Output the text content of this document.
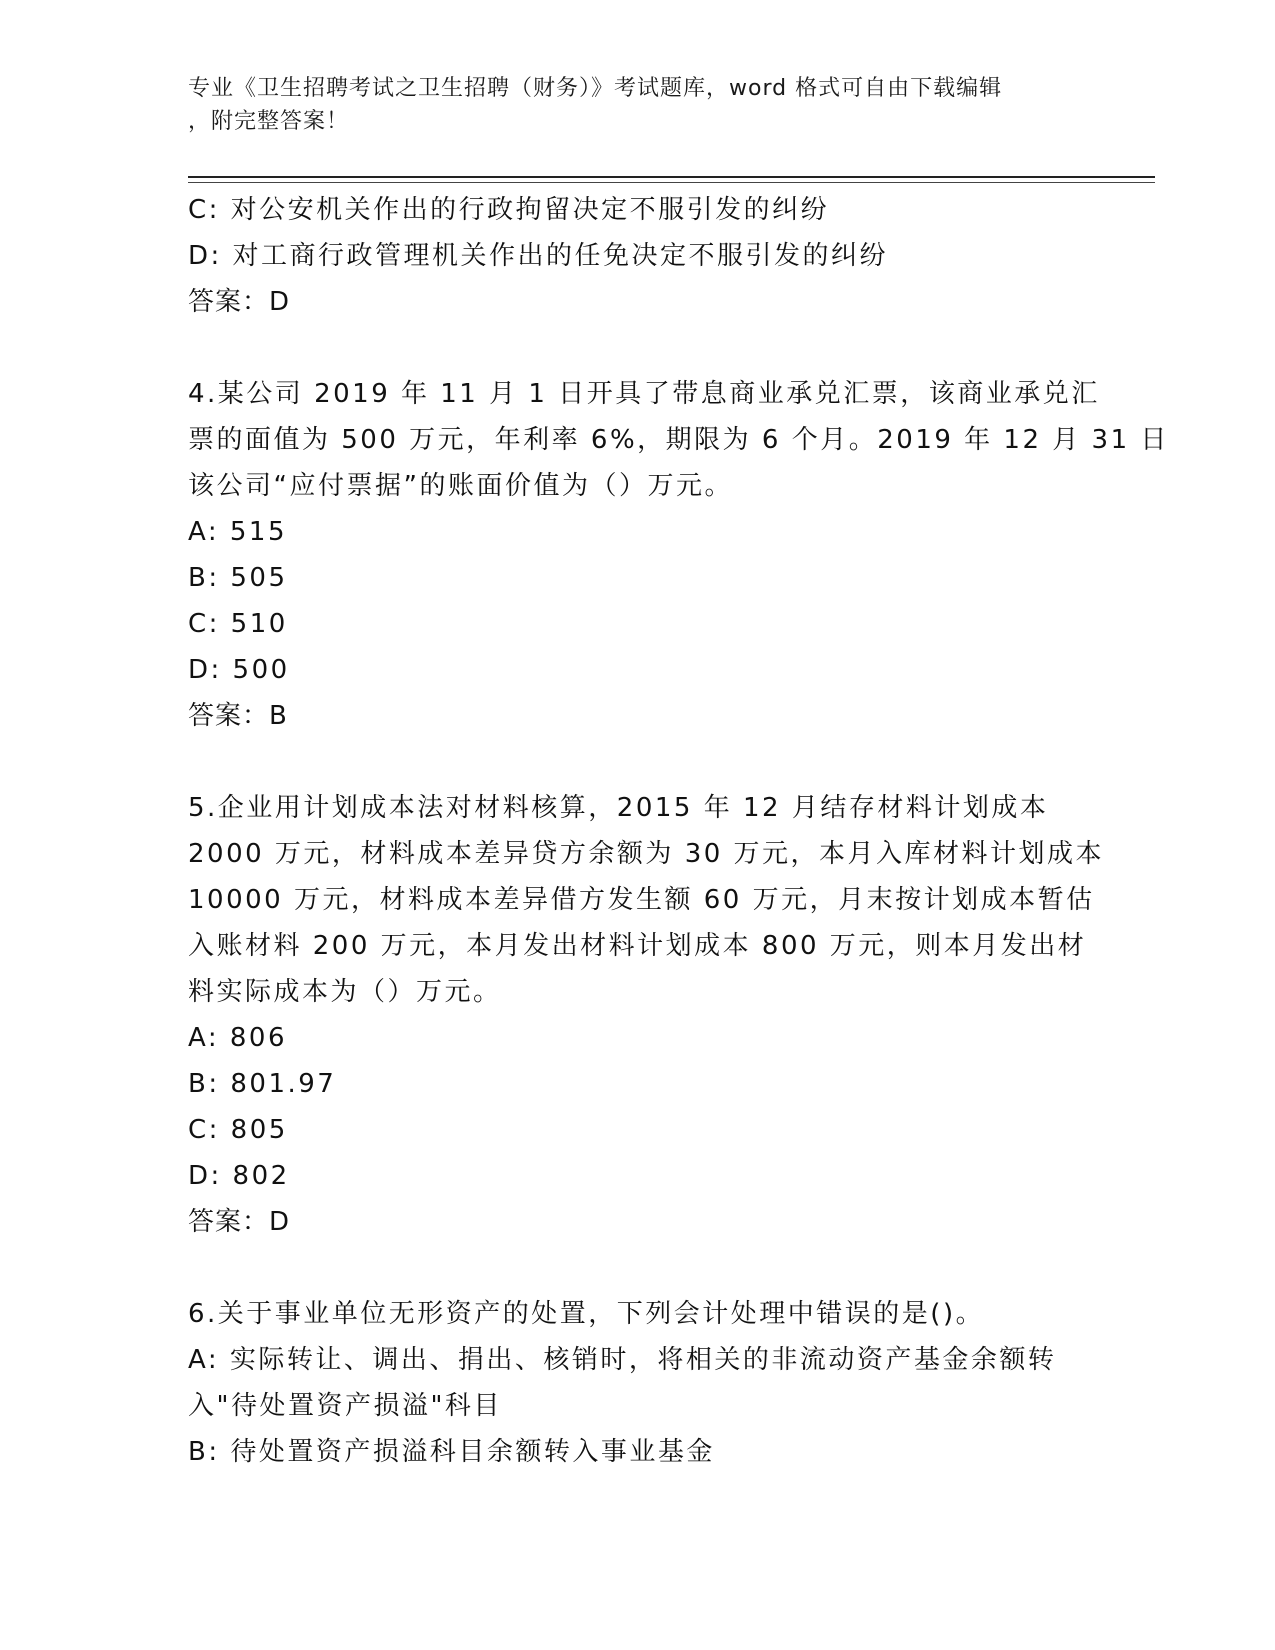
专业《卫生招聘考试之卫生招聘（财务）》考试题库，word 格式可自由下载编辑
，附完整答案！
C: 对公安机关作出的行政拘留决定不服引发的纠纷
D: 对工商行政管理机关作出的任免决定不服引发的纠纷
答案：D
4.某公司 2019 年 11 月 1 日开具了带息商业承兑汇票，该商业承兑汇
票的面值为 500 万元，年利率 6%，期限为 6 个月。2019 年 12 月 31 日
该公司“应付票据”的账面价值为（）万元。
A: 515
B: 505
C: 510
D: 500
答案：B
5.企业用计划成本法对材料核算，2015 年 12 月结存材料计划成本
2000 万元，材料成本差异贷方余额为 30 万元，本月入库材料计划成本
10000 万元，材料成本差异借方发生额 60 万元，月末按计划成本暂估
入账材料 200 万元，本月发出材料计划成本 800 万元，则本月发出材
料实际成本为（）万元。
A: 806
B: 801.97
C: 805
D: 802
答案：D
6.关于事业单位无形资产的处置，下列会计处理中错误的是()。
A: 实际转让、调出、捐出、核销时，将相关的非流动资产基金余额转
入"待处置资产损溢"科目
B: 待处置资产损溢科目余额转入事业基金
